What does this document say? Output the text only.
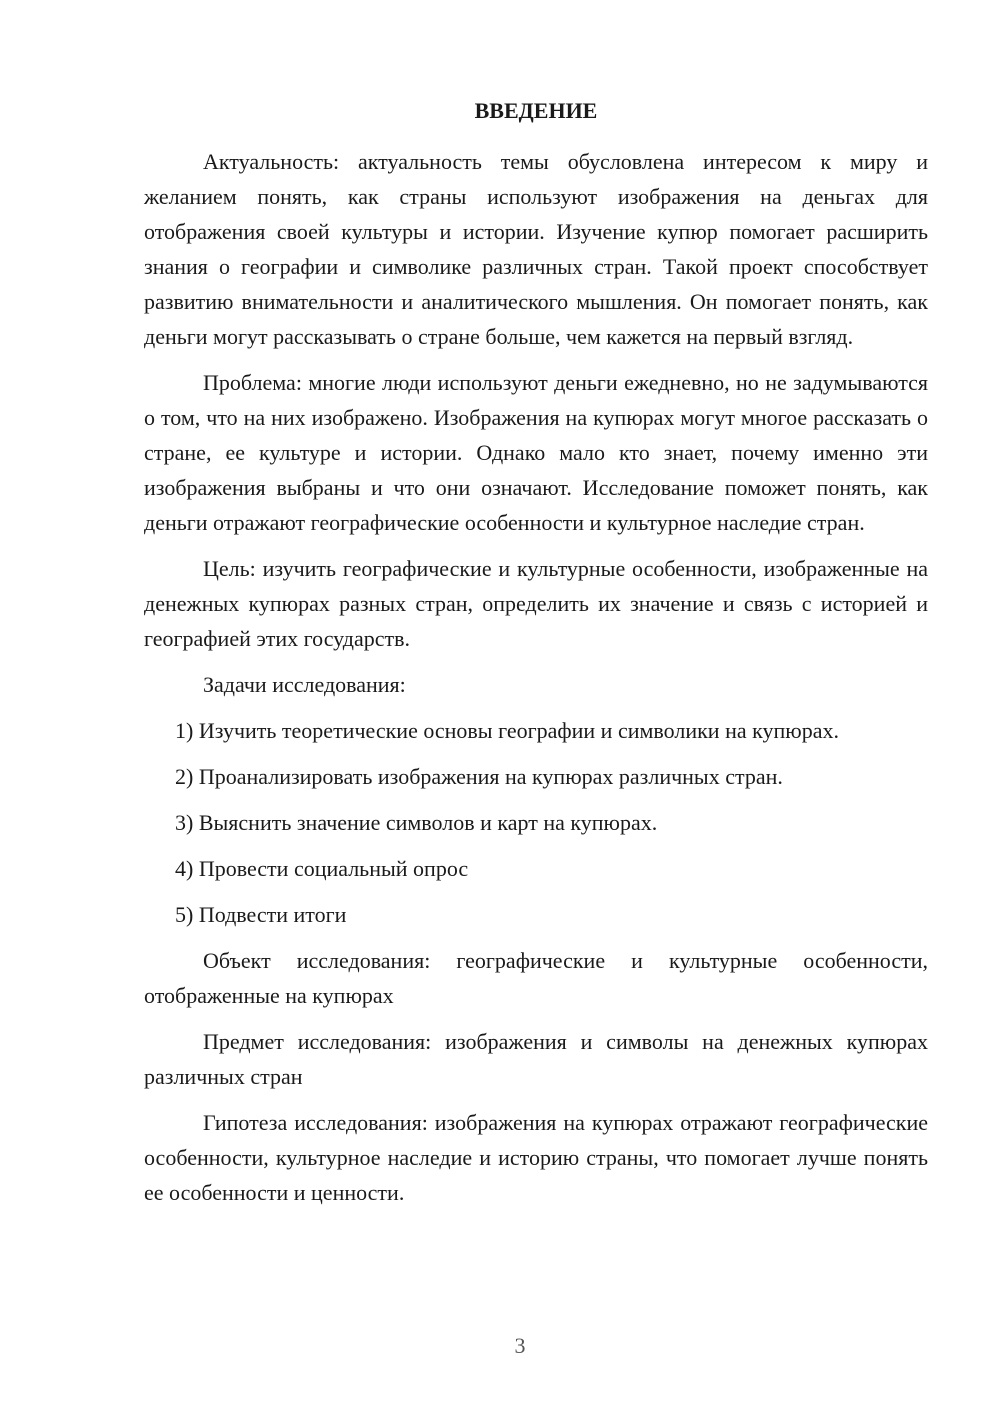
ВВЕДЕНИЕ

Актуальность: актуальность темы обусловлена интересом к миру и желанием понять, как страны используют изображения на деньгах для отображения своей культуры и истории. Изучение купюр помогает расширить знания о географии и символике различных стран. Такой проект способствует развитию внимательности и аналитического мышления. Он помогает понять, как деньги могут рассказывать о стране больше, чем кажется на первый взгляд.

Проблема: многие люди используют деньги ежедневно, но не задумываются о том, что на них изображено. Изображения на купюрах могут многое рассказать о стране, ее культуре и истории. Однако мало кто знает, почему именно эти изображения выбраны и что они означают. Исследование поможет понять, как деньги отражают географические особенности и культурное наследие стран.

Цель: изучить географические и культурные особенности, изображенные на денежных купюрах разных стран, определить их значение и связь с историей и географией этих государств.

Задачи исследования:

1) Изучить теоретические основы географии и символики на купюрах.

2) Проанализировать изображения на купюрах различных стран.

3) Выяснить значение символов и карт на купюрах.

4) Провести социальный опрос

5) Подвести итоги

Объект исследования: географические и культурные особенности, отображенные на купюрах

Предмет исследования: изображения и символы на денежных купюрах различных стран

Гипотеза исследования: изображения на купюрах отражают географические особенности, культурное наследие и историю страны, что помогает лучше понять ее особенности и ценности.

3
